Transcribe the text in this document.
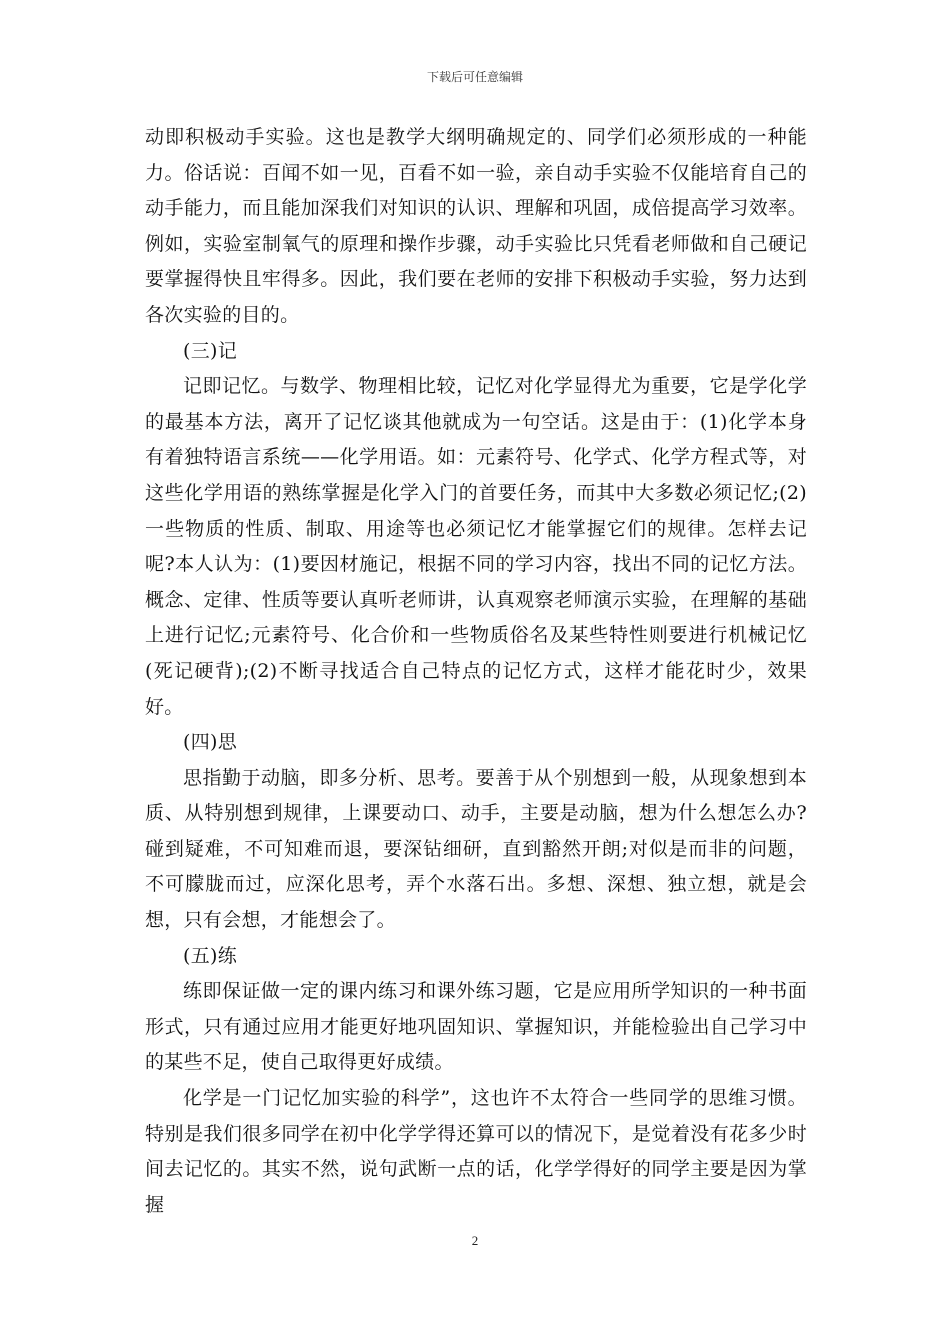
下载后可任意编辑

动即积极动手实验。这也是教学大纲明确规定的、同学们必须形成的一种能力。俗话说：百闻不如一见，百看不如一验，亲自动手实验不仅能培育自己的动手能力，而且能加深我们对知识的认识、理解和巩固，成倍提高学习效率。例如，实验室制氧气的原理和操作步骤，动手实验比只凭看老师做和自己硬记要掌握得快且牢得多。因此，我们要在老师的安排下积极动手实验，努力达到各次实验的目的。

(三)记

记即记忆。与数学、物理相比较，记忆对化学显得尤为重要，它是学化学的最基本方法，离开了记忆谈其他就成为一句空话。这是由于：(1)化学本身有着独特语言系统——化学用语。如：元素符号、化学式、化学方程式等，对这些化学用语的熟练掌握是化学入门的首要任务，而其中大多数必须记忆;(2)一些物质的性质、制取、用途等也必须记忆才能掌握它们的规律。怎样去记呢?本人认为：(1)要因材施记，根据不同的学习内容，找出不同的记忆方法。概念、定律、性质等要认真听老师讲，认真观察老师演示实验，在理解的基础上进行记忆;元素符号、化合价和一些物质俗名及某些特性则要进行机械记忆(死记硬背);(2)不断寻找适合自己特点的记忆方式，这样才能花时少，效果好。

(四)思

思指勤于动脑，即多分析、思考。要善于从个别想到一般，从现象想到本质、从特别想到规律，上课要动口、动手，主要是动脑，想为什么想怎么办?碰到疑难，不可知难而退，要深钻细研，直到豁然开朗;对似是而非的问题，不可朦胧而过，应深化思考，弄个水落石出。多想、深想、独立想，就是会想，只有会想，才能想会了。

(五)练

练即保证做一定的课内练习和课外练习题，它是应用所学知识的一种书面形式，只有通过应用才能更好地巩固知识、掌握知识，并能检验出自己学习中的某些不足，使自己取得更好成绩。

化学是一门记忆加实验的科学”，这也许不太符合一些同学的思维习惯。特别是我们很多同学在初中化学学得还算可以的情况下，是觉着没有花多少时间去记忆的。其实不然，说句武断一点的话，化学学得好的同学主要是因为掌握

2
